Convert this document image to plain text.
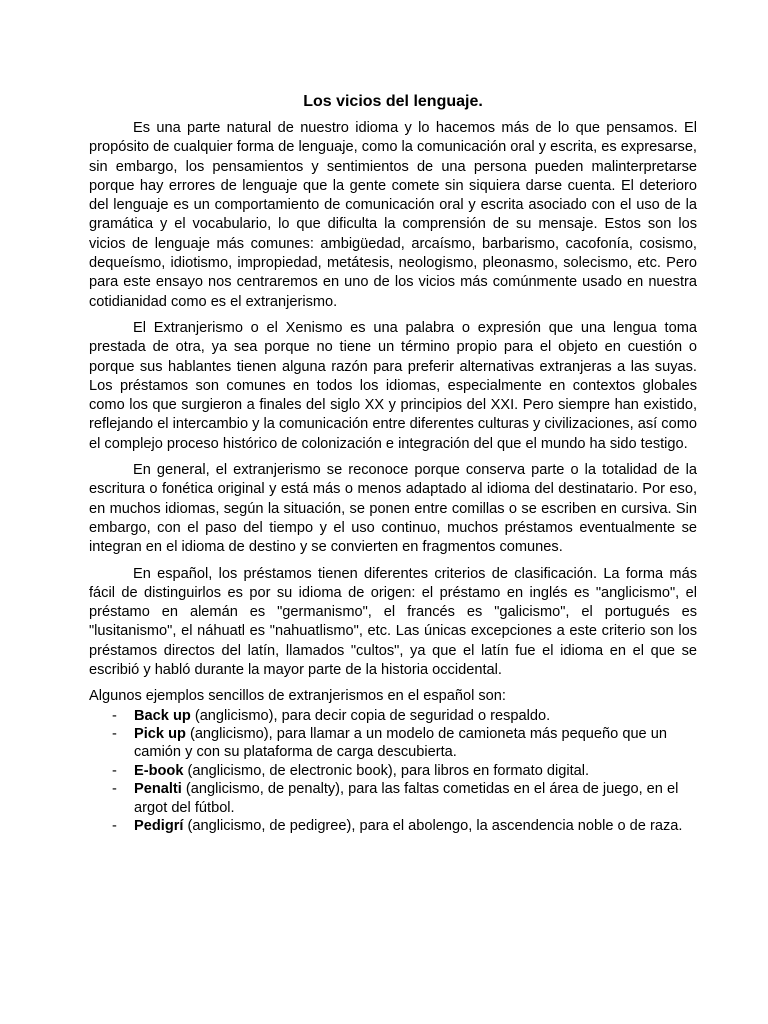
Los vicios del lenguaje.

Es una parte natural de nuestro idioma y lo hacemos más de lo que pensamos. El propósito de cualquier forma de lenguaje, como la comunicación oral y escrita, es expresarse, sin embargo, los pensamientos y sentimientos de una persona pueden malinterpretarse porque hay errores de lenguaje que la gente comete sin siquiera darse cuenta. El deterioro del lenguaje es un comportamiento de comunicación oral y escrita asociado con el uso de la gramática y el vocabulario, lo que dificulta la comprensión de su mensaje. Estos son los vicios de lenguaje más comunes: ambigüedad, arcaísmo, barbarismo, cacofonía, cosismo, dequeísmo, idiotismo, impropiedad, metátesis, neologismo, pleonasmo, solecismo, etc. Pero para este ensayo nos centraremos en uno de los vicios más comúnmente usado en nuestra cotidianidad como es el extranjerismo.

El Extranjerismo o el Xenismo es una palabra o expresión que una lengua toma prestada de otra, ya sea porque no tiene un término propio para el objeto en cuestión o porque sus hablantes tienen alguna razón para preferir alternativas extranjeras a las suyas. Los préstamos son comunes en todos los idiomas, especialmente en contextos globales como los que surgieron a finales del siglo XX y principios del XXI. Pero siempre han existido, reflejando el intercambio y la comunicación entre diferentes culturas y civilizaciones, así como el complejo proceso histórico de colonización e integración del que el mundo ha sido testigo.

En general, el extranjerismo se reconoce porque conserva parte o la totalidad de la escritura o fonética original y está más o menos adaptado al idioma del destinatario. Por eso, en muchos idiomas, según la situación, se ponen entre comillas o se escriben en cursiva. Sin embargo, con el paso del tiempo y el uso continuo, muchos préstamos eventualmente se integran en el idioma de destino y se convierten en fragmentos comunes.

En español, los préstamos tienen diferentes criterios de clasificación. La forma más fácil de distinguirlos es por su idioma de origen: el préstamo en inglés es "anglicismo", el préstamo en alemán es "germanismo", el francés es "galicismo", el portugués es "lusitanismo", el náhuatl es "nahuatlismo", etc. Las únicas excepciones a este criterio son los préstamos directos del latín, llamados "cultos", ya que el latín fue el idioma en el que se escribió y habló durante la mayor parte de la historia occidental.

Algunos ejemplos sencillos de extranjerismos en el español son:

- Back up (anglicismo), para decir copia de seguridad o respaldo.
- Pick up (anglicismo), para llamar a un modelo de camioneta más pequeño que un camión y con su plataforma de carga descubierta.
- E-book (anglicismo, de electronic book), para libros en formato digital.
- Penalti (anglicismo, de penalty), para las faltas cometidas en el área de juego, en el argot del fútbol.
- Pedigrí (anglicismo, de pedigree), para el abolengo, la ascendencia noble o de raza.
